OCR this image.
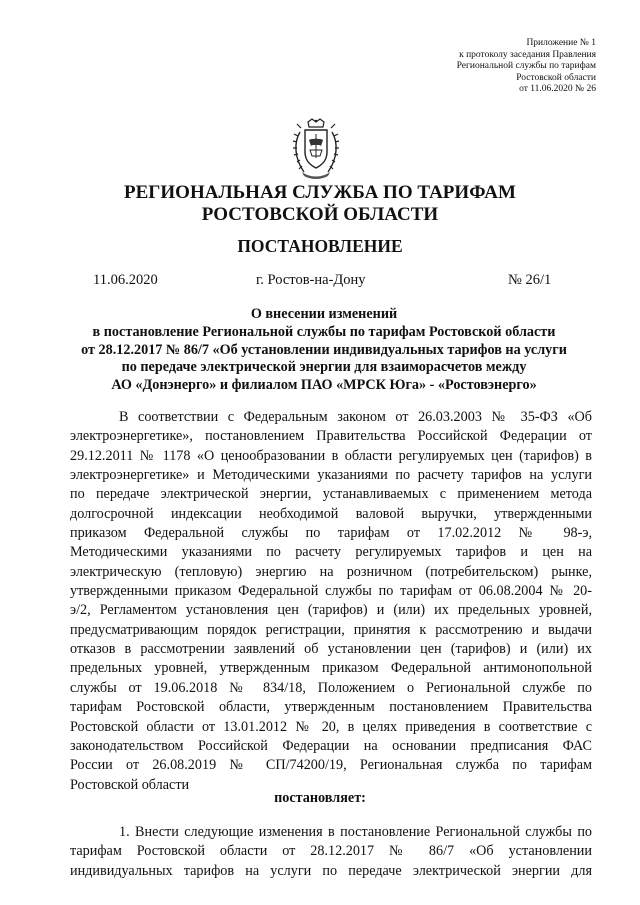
Приложение № 1
к протоколу заседания Правления
Региональной службы по тарифам
Ростовской области
от 11.06.2020 № 26
РЕГИОНАЛЬНАЯ СЛУЖБА ПО ТАРИФАМ
РОСТОВСКОЙ ОБЛАСТИ
ПОСТАНОВЛЕНИЕ
11.06.2020	г. Ростов-на-Дону	№ 26/1
О внесении изменений
в постановление Региональной службы по тарифам Ростовской области
от 28.12.2017 № 86/7 «Об установлении индивидуальных тарифов на услуги
по передаче электрической энергии для взаиморасчетов между
АО «Донэнерго» и филиалом ПАО «МРСК Юга» - «Ростовэнерго»
В соответствии с Федеральным законом от 26.03.2003 № 35-ФЗ «Об
электроэнергетике», постановлением Правительства Российской Федерации от
29.12.2011 № 1178 «О ценообразовании в области регулируемых цен (тарифов) в
электроэнергетике» и Методическими указаниями по расчету тарифов на услуги
по передаче электрической энергии, устанавливаемых с применением метода
долгосрочной индексации необходимой валовой выручки, утвержденными
приказом Федеральной службы по тарифам от 17.02.2012 № 98-э,
Методическими указаниями по расчету регулируемых тарифов и цен на
электрическую (тепловую) энергию на розничном (потребительском) рынке,
утвержденными приказом Федеральной службы по тарифам от 06.08.2004 № 20-
э/2, Регламентом установления цен (тарифов) и (или) их предельных уровней,
предусматривающим порядок регистрации, принятия к рассмотрению и выдачи
отказов в рассмотрении заявлений об установлении цен (тарифов) и (или) их
предельных уровней, утвержденным приказом Федеральной антимонопольной
службы от 19.06.2018 № 834/18, Положением о Региональной службе по
тарифам Ростовской области, утвержденным постановлением Правительства
Ростовской области от 13.01.2012 № 20, в целях приведения в соответствие с
законодательством Российской Федерации на основании предписания ФАС
России от 26.08.2019 № СП/74200/19, Региональная служба по тарифам
Ростовской области
постановляет:
1. Внести следующие изменения в постановление Региональной службы по
тарифам Ростовской области от 28.12.2017 № 86/7 «Об установлении
индивидуальных тарифов на услуги по передаче электрической энергии для
